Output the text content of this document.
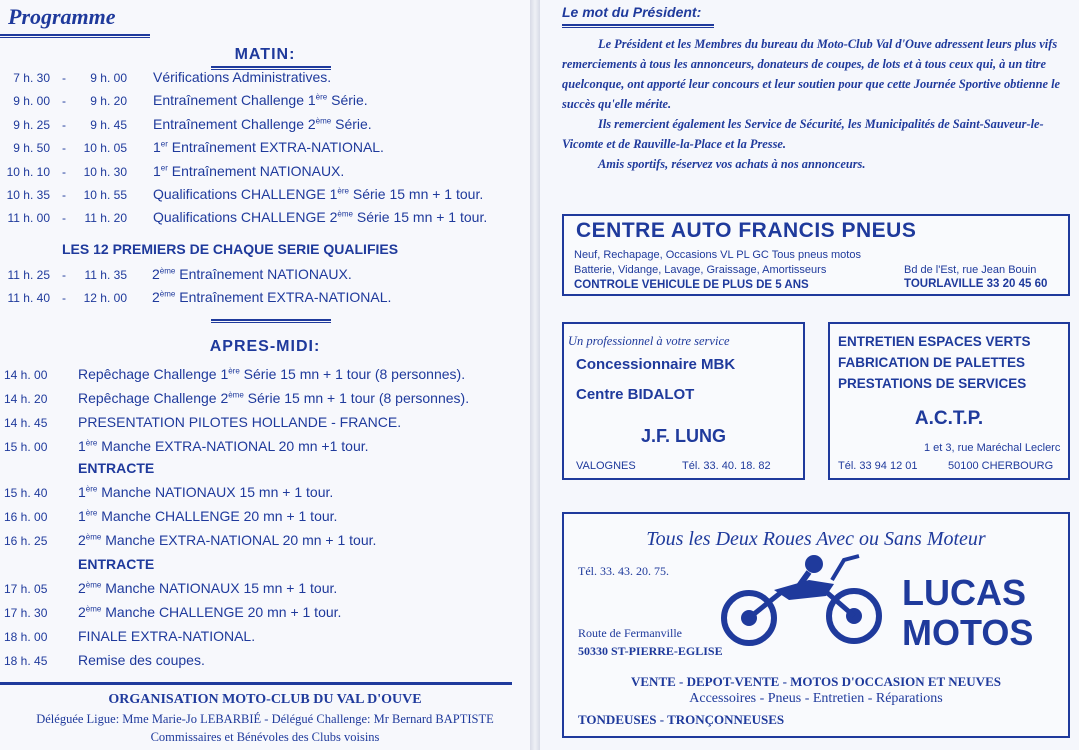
Programme
MATIN:
7 h. 30 -	9 h. 00 Vérifications Administratives.
9 h. 00 -	9 h. 20 Entraînement Challenge 1ère Série.
9 h. 25 -	9 h. 45 Entraînement Challenge 2ème Série.
9 h. 50 -	10 h. 05 1er Entraînement EXTRA-NATIONAL.
10 h. 10 -	10 h. 30 1er Entraînement NATIONAUX.
10 h. 35 -	10 h. 55 Qualifications CHALLENGE 1ère Série 15 mn + 1 tour.
11 h. 00 -	11 h. 20 Qualifications CHALLENGE 2ème Série 15 mn + 1 tour.
LES 12 PREMIERS DE CHAQUE SERIE QUALIFIES
11 h. 25 -	11 h. 35 2ème Entraînement NATIONAUX.
11 h. 40 -	12 h. 00 2ème Entraînement EXTRA-NATIONAL.
APRES-MIDI:
14 h. 00 Repêchage Challenge 1ère Série 15 mn + 1 tour (8 personnes).
14 h. 20 Repêchage Challenge 2ème Série 15 mn + 1 tour (8 personnes).
14 h. 45 PRESENTATION PILOTES HOLLANDE - FRANCE.
15 h. 00 1ère Manche EXTRA-NATIONAL 20 mn +1 tour.
ENTRACTE
15 h. 40 1ère Manche NATIONAUX 15 mn + 1 tour.
16 h. 00 1ère Manche CHALLENGE 20 mn + 1 tour.
16 h. 25 2ème Manche EXTRA-NATIONAL 20 mn + 1 tour.
ENTRACTE
17 h. 05 2ème Manche NATIONAUX 15 mn + 1 tour.
17 h. 30 2ème Manche CHALLENGE 20 mn + 1 tour.
18 h. 00 FINALE EXTRA-NATIONAL.
18 h. 45 Remise des coupes.
ORGANISATION MOTO-CLUB DU VAL D'OUVE
Déléguée Ligue: Mme Marie-Jo LEBARBIÉ - Délégué Challenge: Mr Bernard BAPTISTE
Commissaires et Bénévoles des Clubs voisins
Le mot du Président:

Le Président et les Membres du bureau du Moto-Club Val d'Ouve adressent leurs plus vifs remerciements à tous les annonceurs, donateurs de coupes, de lots et à tous ceux qui, à un titre quelconque, ont apporté leur concours et leur soutien pour que cette Journée Sportive obtienne le succès qu'elle mérite.

Ils remercient également les Service de Sécurité, les Municipalités de Saint-Sauveur-le-Vicomte et de Rauville-la-Place et la Presse.

Amis sportifs, réservez vos achats à nos annonceurs.

CENTRE AUTO FRANCIS PNEUS
Neuf, Rechapage, Occasions VL PL GC Tous pneus motos
Batterie, Vidange, Lavage, Graissage, Amortisseurs
CONTROLE VEHICULE DE PLUS DE 5 ANS
Bd de l'Est, rue Jean Bouin
TOURLAVILLE 33 20 45 60
Un professionnel à votre service
Concessionnaire MBK
Centre BIDALOT
J.F. LUNG
VALOGNES	Tél. 33. 40. 18. 82
ENTRETIEN ESPACES VERTS
FABRICATION DE PALETTES
PRESTATIONS DE SERVICES
A.C.T.P.
1 et 3, rue Maréchal Leclerc
Tél. 33 94 12 01	50100 CHERBOURG
Tous les Deux Roues Avec ou Sans Moteur
Tél. 33. 43. 20. 75.
LUCAS
MOTOS
Route de Fermanville
50330 ST-PIERRE-EGLISE
VENTE - DEPOT-VENTE - MOTOS D'OCCASION ET NEUVES
Accessoires - Pneus - Entretien - Réparations
TONDEUSES - TRONÇONNEUSES
